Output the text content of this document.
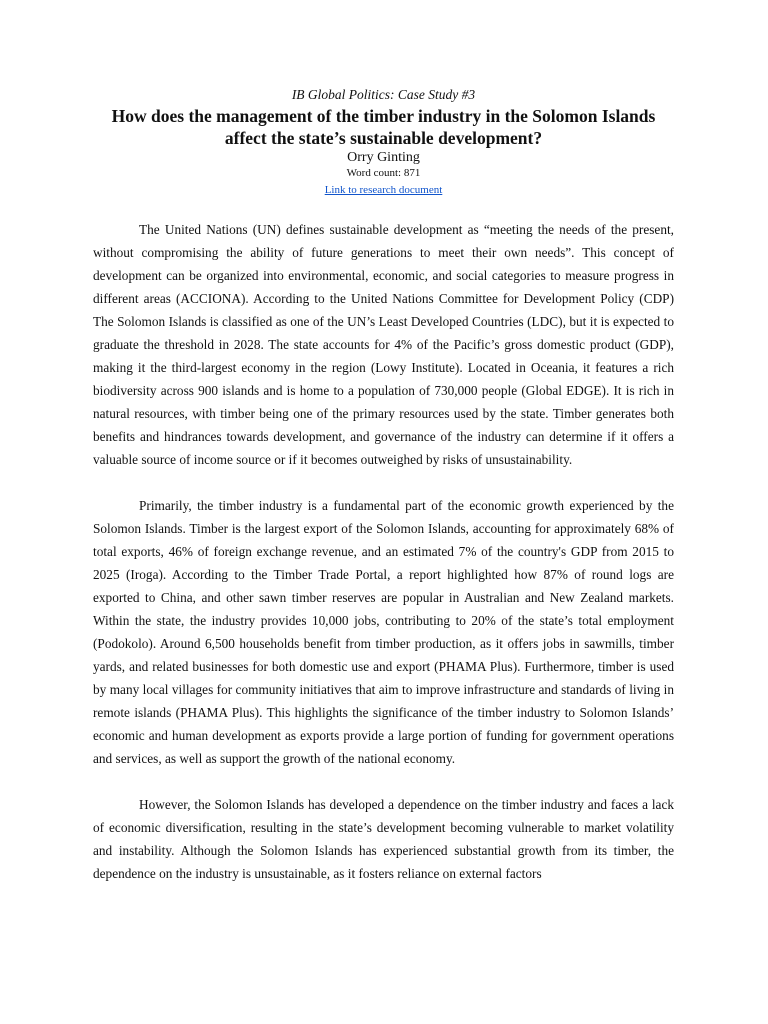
IB Global Politics: Case Study #3
How does the management of the timber industry in the Solomon Islands
affect the state’s sustainable development?
Orry Ginting
Word count: 871
Link to research document

The United Nations (UN) defines sustainable development as “meeting the needs of the present, without compromising the ability of future generations to meet their own needs”. This concept of development can be organized into environmental, economic, and social categories to measure progress in different areas (ACCIONA). According to the United Nations Committee for Development Policy (CDP) The Solomon Islands is classified as one of the UN’s Least Developed Countries (LDC), but it is expected to graduate the threshold in 2028. The state accounts for 4% of the Pacific’s gross domestic product (GDP), making it the third-largest economy in the region (Lowy Institute). Located in Oceania, it features a rich biodiversity across 900 islands and is home to a population of 730,000 people (Global EDGE). It is rich in natural resources, with timber being one of the primary resources used by the state. Timber generates both benefits and hindrances towards development, and governance of the industry can determine if it offers a valuable source of income source or if it becomes outweighed by risks of unsustainability.

Primarily, the timber industry is a fundamental part of the economic growth experienced by the Solomon Islands. Timber is the largest export of the Solomon Islands, accounting for approximately 68% of total exports, 46% of foreign exchange revenue, and an estimated 7% of the country's GDP from 2015 to 2025 (Iroga). According to the Timber Trade Portal, a report highlighted how 87% of round logs are exported to China, and other sawn timber reserves are popular in Australian and New Zealand markets. Within the state, the industry provides 10,000 jobs, contributing to 20% of the state’s total employment (Podokolo). Around 6,500 households benefit from timber production, as it offers jobs in sawmills, timber yards, and related businesses for both domestic use and export (PHAMA Plus). Furthermore, timber is used by many local villages for community initiatives that aim to improve infrastructure and standards of living in remote islands (PHAMA Plus). This highlights the significance of the timber industry to Solomon Islands’ economic and human development as exports provide a large portion of funding for government operations and services, as well as support the growth of the national economy.

However, the Solomon Islands has developed a dependence on the timber industry and faces a lack of economic diversification, resulting in the state’s development becoming vulnerable to market volatility and instability. Although the Solomon Islands has experienced substantial growth from its timber, the dependence on the industry is unsustainable, as it fosters reliance on external factors
